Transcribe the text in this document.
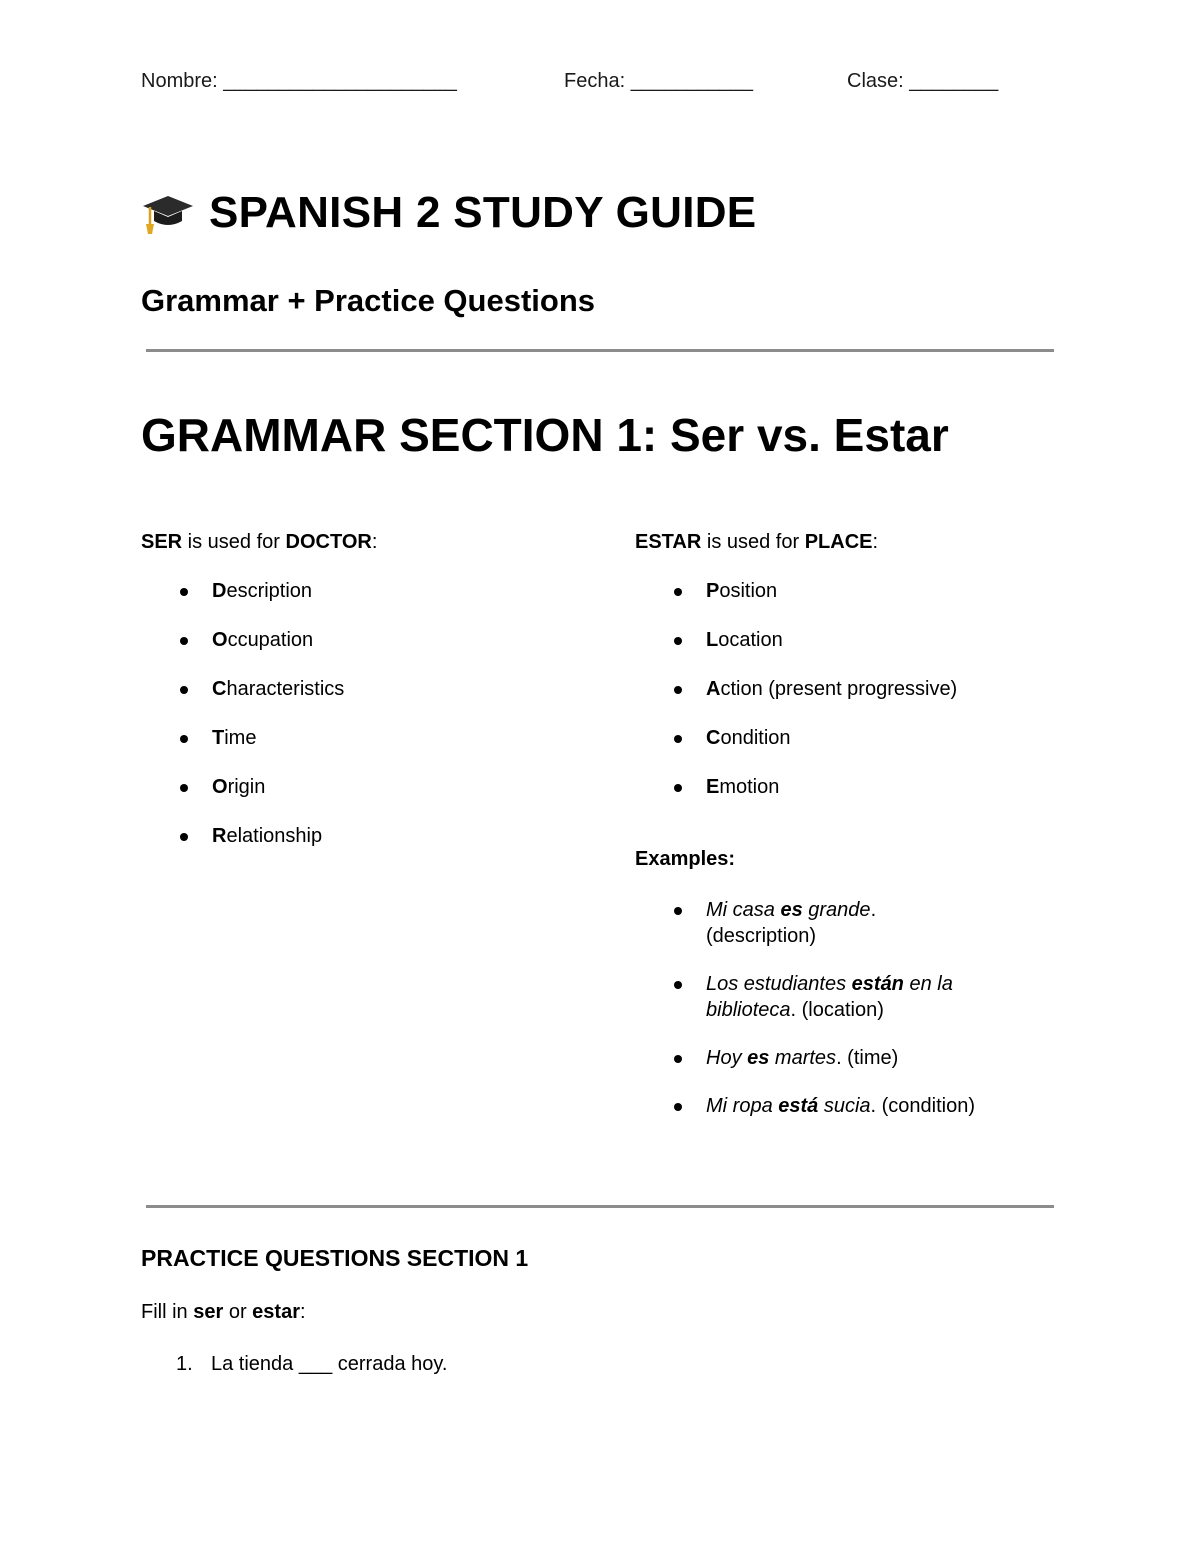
Nombre: _____________________	Fecha: ___________	Clase: ________
SPANISH 2 STUDY GUIDE
Grammar + Practice Questions
GRAMMAR SECTION 1: Ser vs. Estar
SER is used for DOCTOR:
Description
Occupation
Characteristics
Time
Origin
Relationship
ESTAR is used for PLACE:
Position
Location
Action (present progressive)
Condition
Emotion
Examples:
Mi casa es grande. (description)
Los estudiantes están en la biblioteca. (location)
Hoy es martes. (time)
Mi ropa está sucia. (condition)
PRACTICE QUESTIONS SECTION 1
Fill in ser or estar:
1. La tienda ___ cerrada hoy.
